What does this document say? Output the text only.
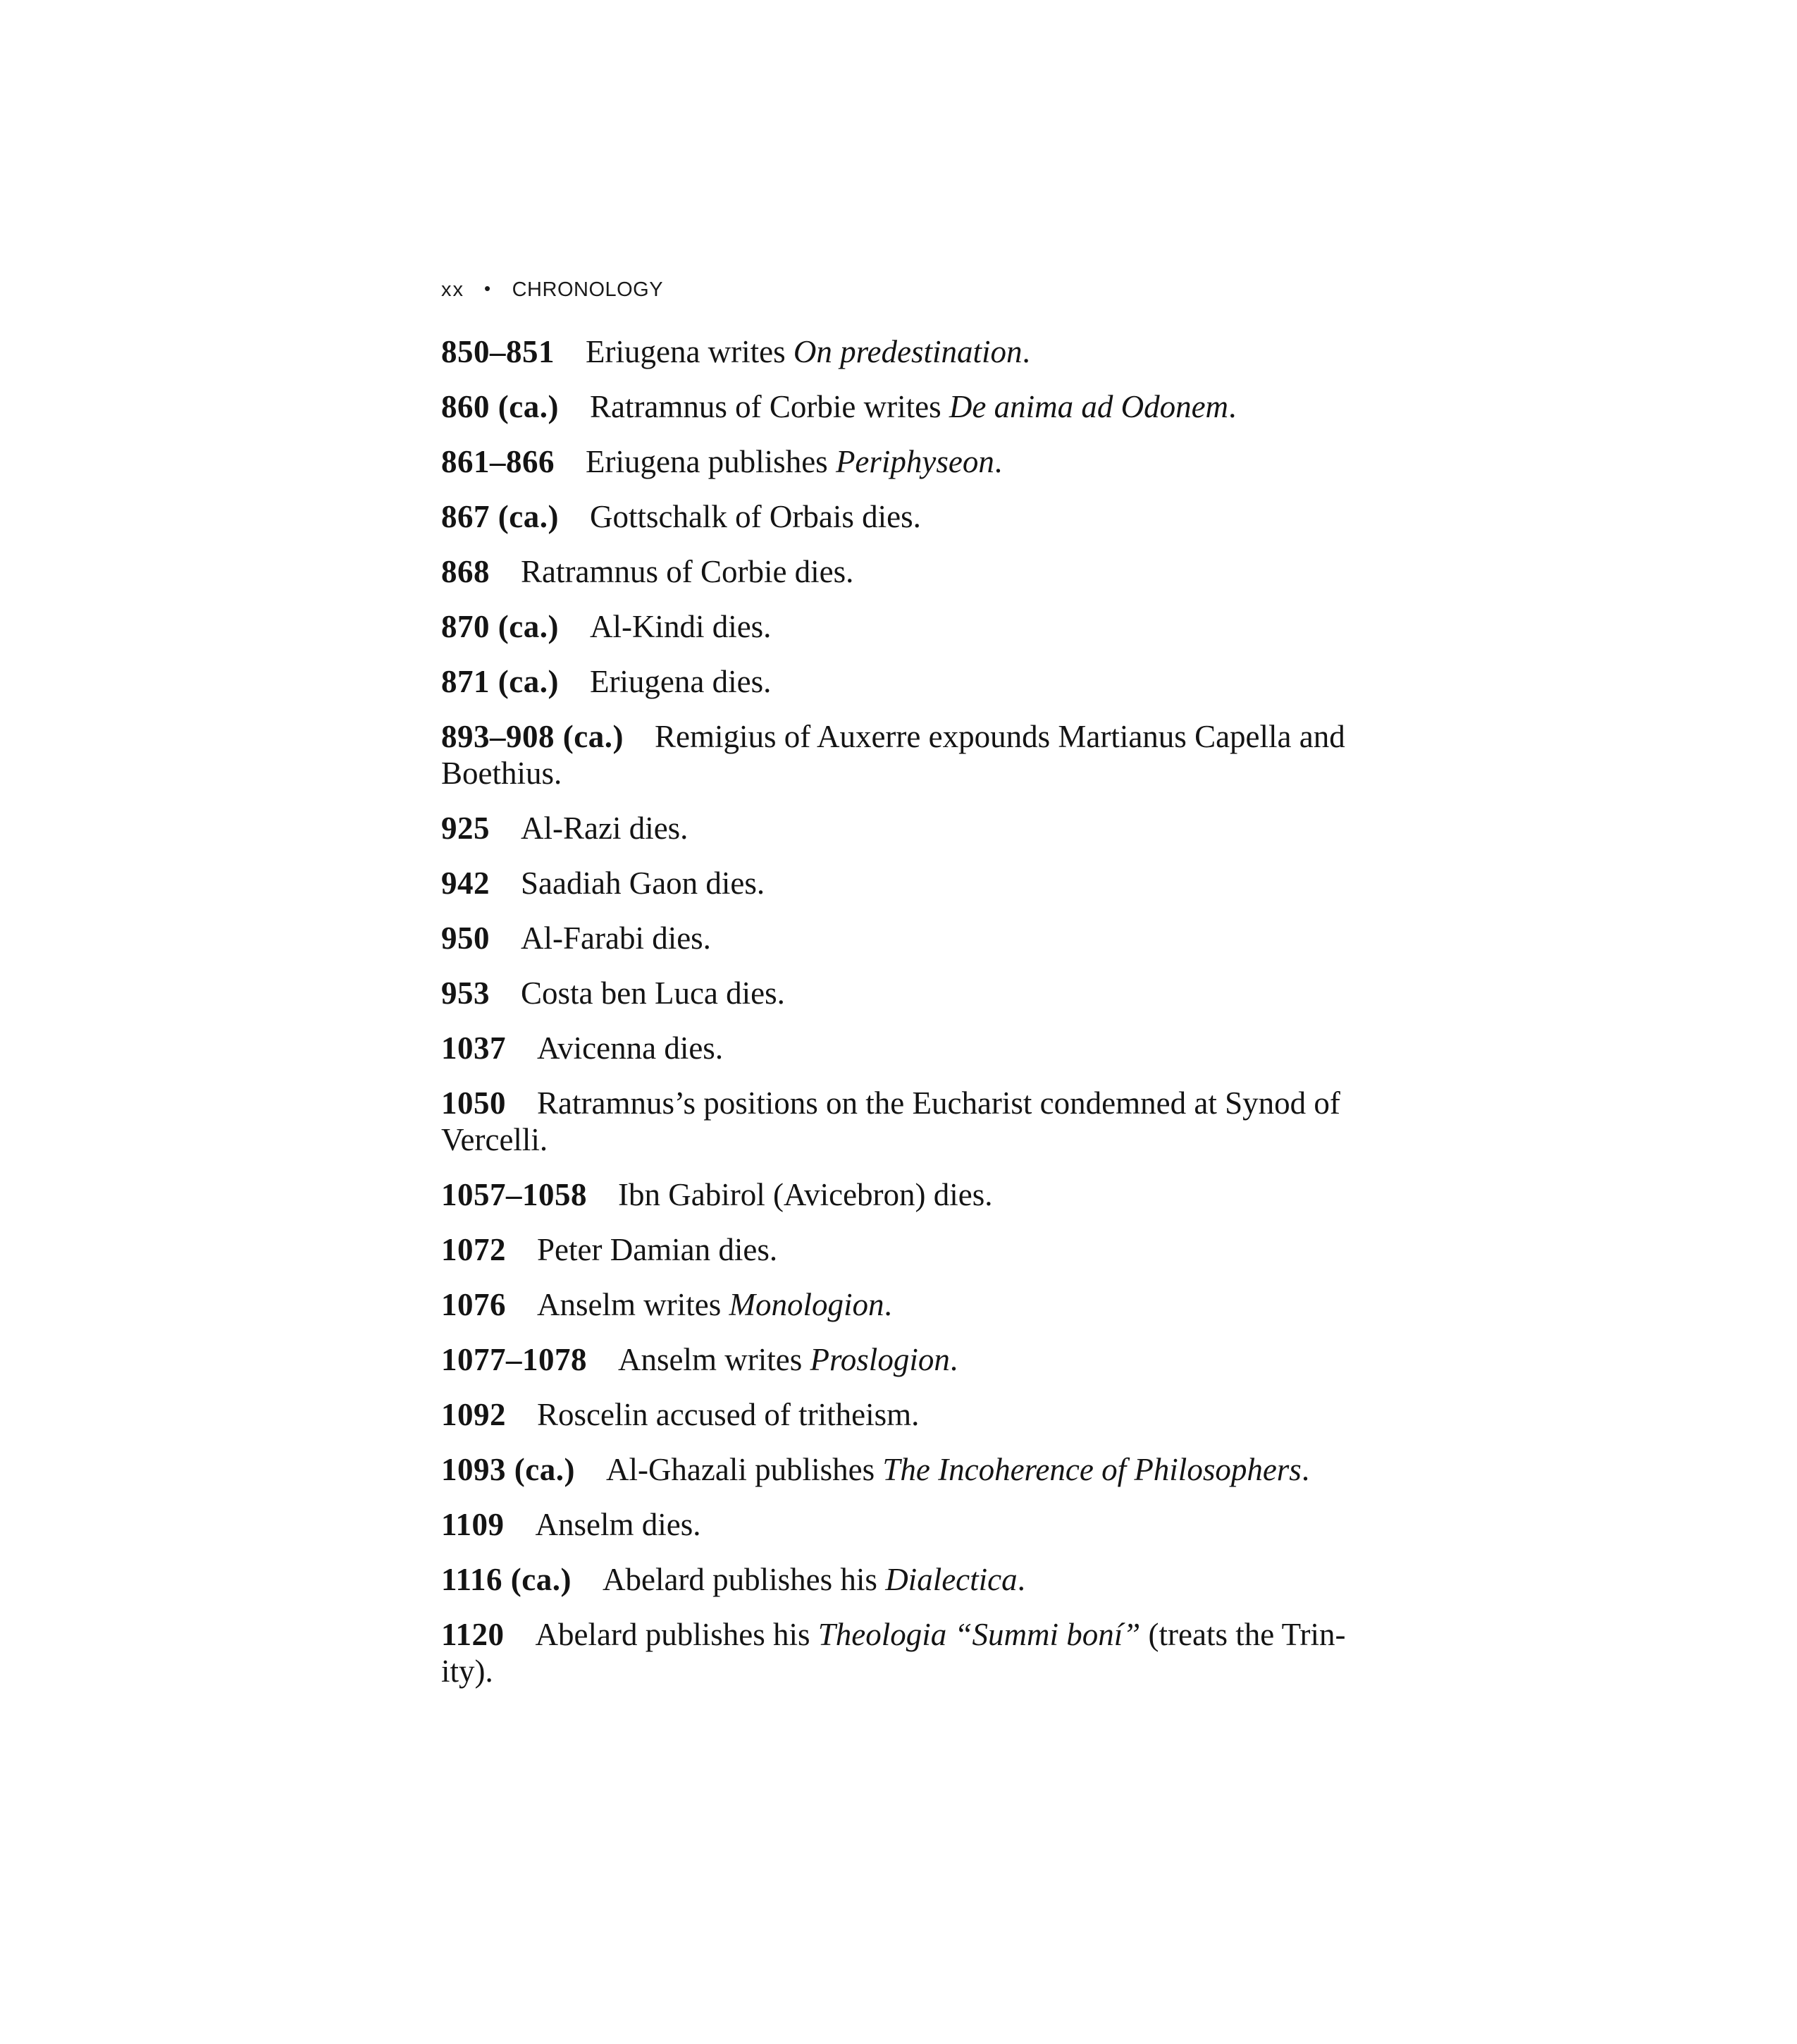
xx • CHRONOLOGY

850–851 Eriugena writes On predestination.

860 (ca.) Ratramnus of Corbie writes De anima ad Odonem.

861–866 Eriugena publishes Periphyseon.

867 (ca.) Gottschalk of Orbais dies.

868 Ratramnus of Corbie dies.

870 (ca.) Al-Kindi dies.

871 (ca.) Eriugena dies.

893–908 (ca.) Remigius of Auxerre expounds Martianus Capella and
Boethius.

925 Al-Razi dies.

942 Saadiah Gaon dies.

950 Al-Farabi dies.

953 Costa ben Luca dies.

1037 Avicenna dies.

1050 Ratramnus’s positions on the Eucharist condemned at Synod of
Vercelli.

1057–1058 Ibn Gabirol (Avicebron) dies.

1072 Peter Damian dies.

1076 Anselm writes Monologion.

1077–1078 Anselm writes Proslogion.

1092 Roscelin accused of tritheism.

1093 (ca.) Al-Ghazali publishes The Incoherence of Philosophers.

1109 Anselm dies.

1116 (ca.) Abelard publishes his Dialectica.

1120 Abelard publishes his Theologia “Summi boní” (treats the Trin-
ity).
